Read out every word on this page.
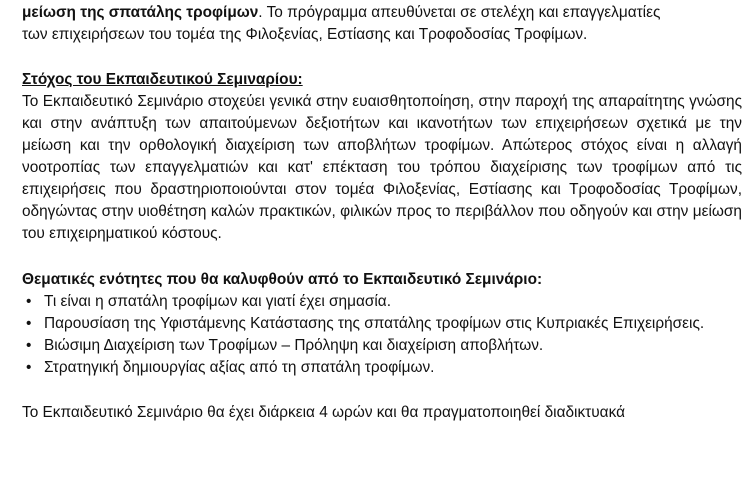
μείωση της σπατάλης τροφίμων. Το πρόγραμμα απευθύνεται σε στελέχη και επαγγελματίες
των επιχειρήσεων του τομέα της Φιλοξενίας, Εστίασης και Τροφοδοσίας Τροφίμων.

Στόχος του Εκπαιδευτικού Σεμιναρίου:

Το Εκπαιδευτικό Σεμινάριο στοχεύει γενικά στην ευαισθητοποίηση, στην παροχή της απαραίτητης γνώσης και στην ανάπτυξη των απαιτούμενων δεξιοτήτων και ικανοτήτων των επιχειρήσεων σχετικά με την μείωση και την ορθολογική διαχείριση των αποβλήτων τροφίμων. Απώτερος στόχος είναι η αλλαγή νοοτροπίας των επαγγελματιών και κατ' επέκταση του τρόπου διαχείρισης των τροφίμων από τις επιχειρήσεις που δραστηριοποιούνται στον τομέα Φιλοξενίας, Εστίασης και Τροφοδοσίας Τροφίμων, οδηγώντας στην υιοθέτηση καλών πρακτικών, φιλικών προς το περιβάλλον που οδηγούν και στην μείωση του επιχειρηματικού κόστους.

Θεματικές ενότητες που θα καλυφθούν από το Εκπαιδευτικό Σεμινάριο:

• Τι είναι η σπατάλη τροφίμων και γιατί έχει σημασία.
• Παρουσίαση της Υφιστάμενης Κατάστασης της σπατάλης τροφίμων στις Κυπριακές Επιχειρήσεις.
• Βιώσιμη Διαχείριση των Τροφίμων – Πρόληψη και διαχείριση αποβλήτων.
• Στρατηγική δημιουργίας αξίας από τη σπατάλη τροφίμων.

Το Εκπαιδευτικό Σεμινάριο θα έχει διάρκεια 4 ωρών και θα πραγματοποιηθεί διαδικτυακά
